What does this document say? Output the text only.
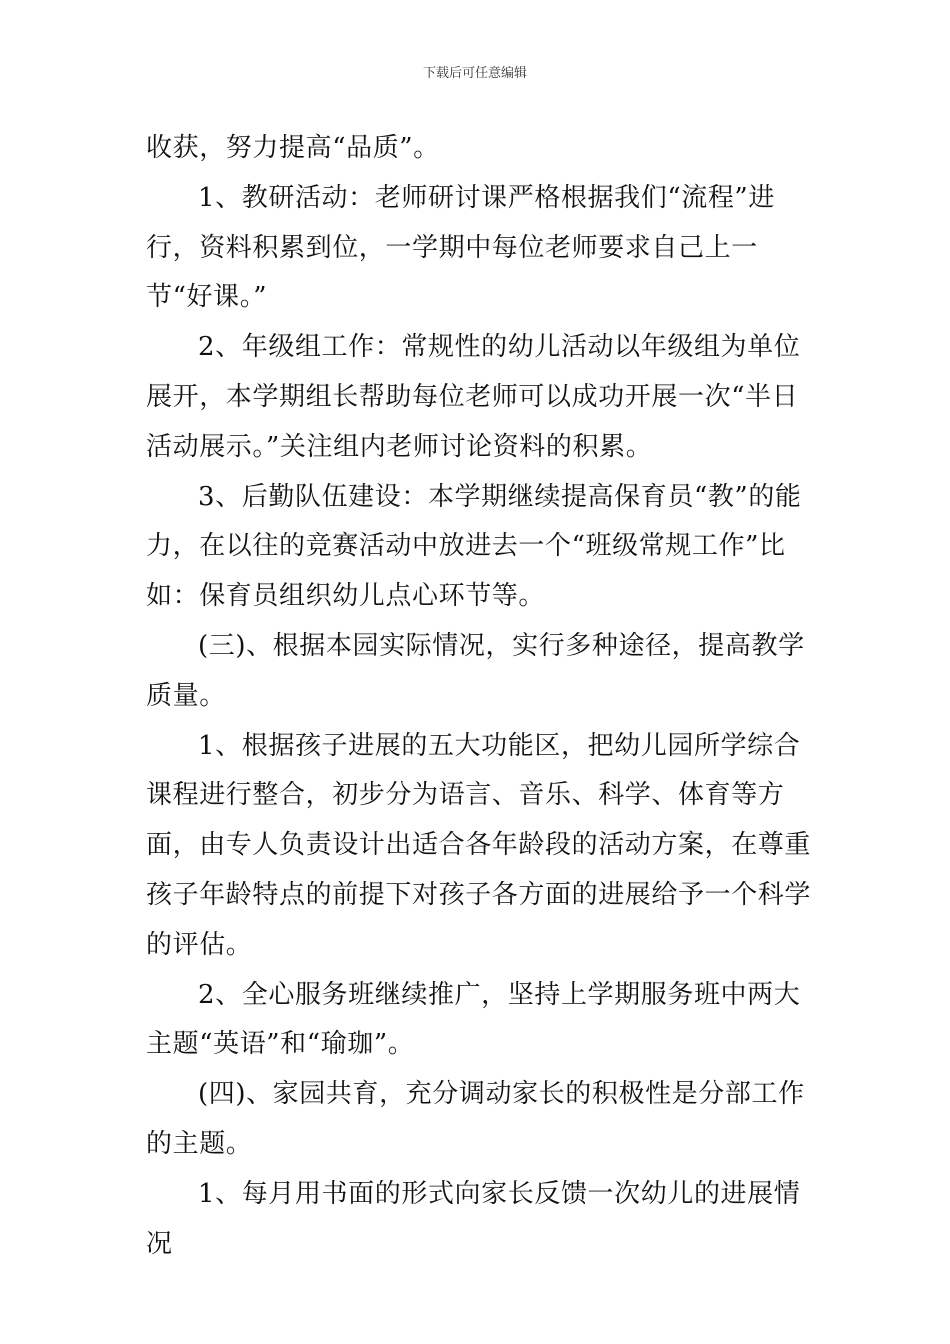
下载后可任意编辑

收获，努力提高“品质”。

1、教研活动：老师研讨课严格根据我们“流程”进行，资料积累到位，一学期中每位老师要求自己上一节“好课。”

2、年级组工作：常规性的幼儿活动以年级组为单位展开，本学期组长帮助每位老师可以成功开展一次“半日活动展示。”关注组内老师讨论资料的积累。

3、后勤队伍建设：本学期继续提高保育员“教”的能力，在以往的竞赛活动中放进去一个“班级常规工作”比如：保育员组织幼儿点心环节等。

(三)、根据本园实际情况，实行多种途径，提高教学质量。

1、根据孩子进展的五大功能区，把幼儿园所学综合课程进行整合，初步分为语言、音乐、科学、体育等方面，由专人负责设计出适合各年龄段的活动方案，在尊重孩子年龄特点的前提下对孩子各方面的进展给予一个科学的评估。

2、全心服务班继续推广，坚持上学期服务班中两大主题“英语”和“瑜珈”。

(四)、家园共育，充分调动家长的积极性是分部工作的主题。

1、每月用书面的形式向家长反馈一次幼儿的进展情况
